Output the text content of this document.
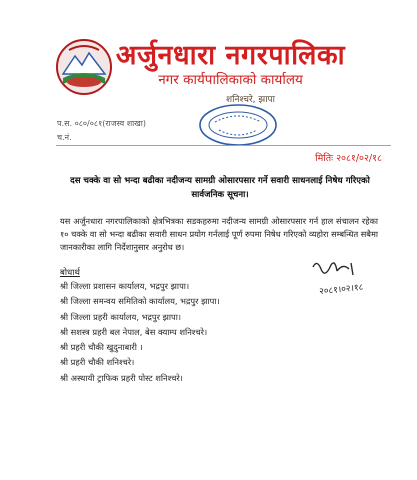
अर्जुनधारा नगरपालिका
नगर कार्यपालिकाको कार्यालय
शनिश्चरे, झापा
प.स. ०८०/०८१(राजस्व शाखा)
च.नं.
मितिः २०८१/०२/१८
दस चक्के वा सो भन्दा बढीका नदीजन्य सामग्री ओसारपसार गर्ने सवारी साधनलाई निषेध गरिएको सार्वजनिक सूचना।
यस अर्जुनधारा नगरपालिकाको क्षेत्रभित्रका सडकहरुमा नदीजन्य सामग्री ओसारपसार गर्न हाल संचालन रहेका १० चक्के वा सो भन्दा बढीका सवारी साधन प्रयोग गर्नलाई पूर्ण रुपमा निषेध गरिएको व्यहोरा सम्बन्धित सबैमा जानकारीका लागि निर्देशानुसार अनुरोध छ।
२०८१।०२।१८
बोधार्थ
श्री जिल्ला प्रशासन कार्यालय, भद्रपुर झापा।
श्री जिल्ला समन्वय समितिको कार्यालय, भद्रपुर झापा।
श्री जिल्ला प्रहरी कार्यालय, भद्रपुर झापा।
श्री सशस्त्र प्रहरी बल नेपाल, बेस क्याम्प शनिश्चरे।
श्री प्रहरी चौकी खुदुनाबारी ।
श्री प्रहरी चौकी शनिश्चरे।
श्री अस्थायी ट्राफिक प्रहरी पोस्ट शनिश्चरे।
